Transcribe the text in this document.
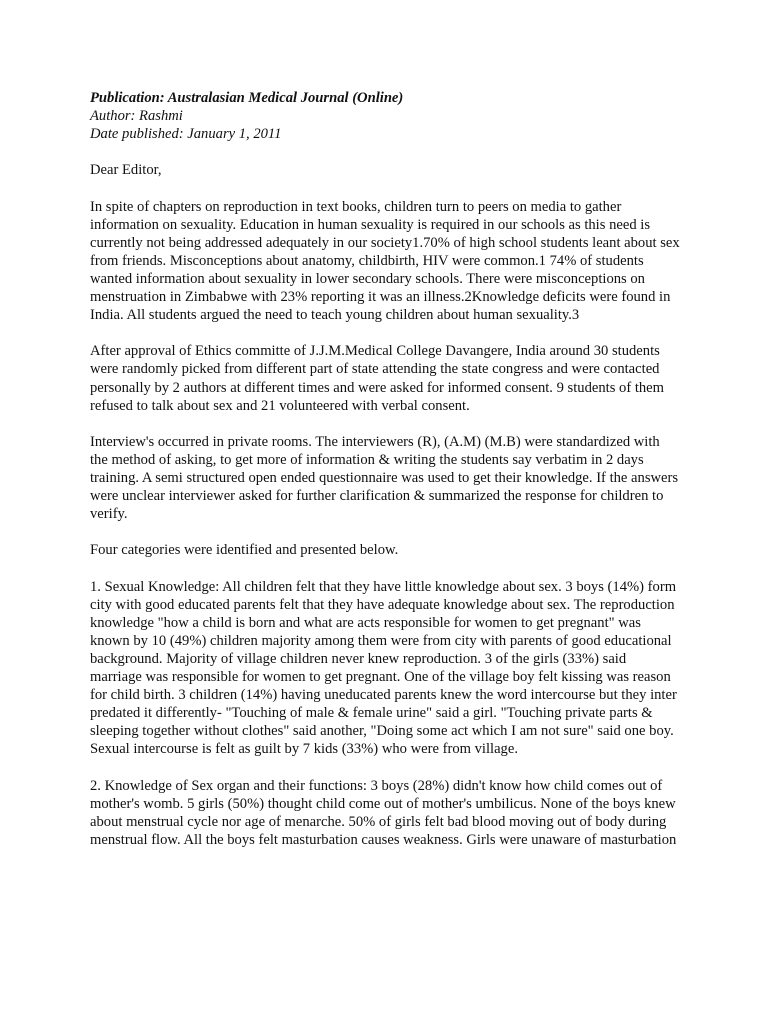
Publication: Australasian Medical Journal (Online)
Author: Rashmi
Date published: January 1, 2011

Dear Editor,

In spite of chapters on reproduction in text books, children turn to peers on media to gather information on sexuality. Education in human sexuality is required in our schools as this need is currently not being addressed adequately in our society1.70% of high school students leant about sex from friends. Misconceptions about anatomy, childbirth, HIV were common.1 74% of students wanted information about sexuality in lower secondary schools. There were misconceptions on menstruation in Zimbabwe with 23% reporting it was an illness.2Knowledge deficits were found in India. All students argued the need to teach young children about human sexuality.3

After approval of Ethics committe of J.J.M.Medical College Davangere, India around 30 students were randomly picked from different part of state attending the state congress and were contacted personally by 2 authors at different times and were asked for informed consent. 9 students of them refused to talk about sex and 21 volunteered with verbal consent.

Interview's occurred in private rooms. The interviewers (R), (A.M) (M.B) were standardized with the method of asking, to get more of information & writing the students say verbatim in 2 days training. A semi structured open ended questionnaire was used to get their knowledge. If the answers were unclear interviewer asked for further clarification & summarized the response for children to verify.

Four categories were identified and presented below.

1. Sexual Knowledge: All children felt that they have little knowledge about sex. 3 boys (14%) form city with good educated parents felt that they have adequate knowledge about sex. The reproduction knowledge "how a child is born and what are acts responsible for women to get pregnant" was known by 10 (49%) children majority among them were from city with parents of good educational background. Majority of village children never knew reproduction. 3 of the girls (33%) said marriage was responsible for women to get pregnant. One of the village boy felt kissing was reason for child birth. 3 children (14%) having uneducated parents knew the word intercourse but they inter predated it differently- "Touching of male & female urine" said a girl. "Touching private parts & sleeping together without clothes" said another, "Doing some act which I am not sure" said one boy. Sexual intercourse is felt as guilt by 7 kids (33%) who were from village.

2. Knowledge of Sex organ and their functions: 3 boys (28%) didn't know how child comes out of mother's womb. 5 girls (50%) thought child come out of mother's umbilicus. None of the boys knew about menstrual cycle nor age of menarche. 50% of girls felt bad blood moving out of body during menstrual flow. All the boys felt masturbation causes weakness. Girls were unaware of masturbation
